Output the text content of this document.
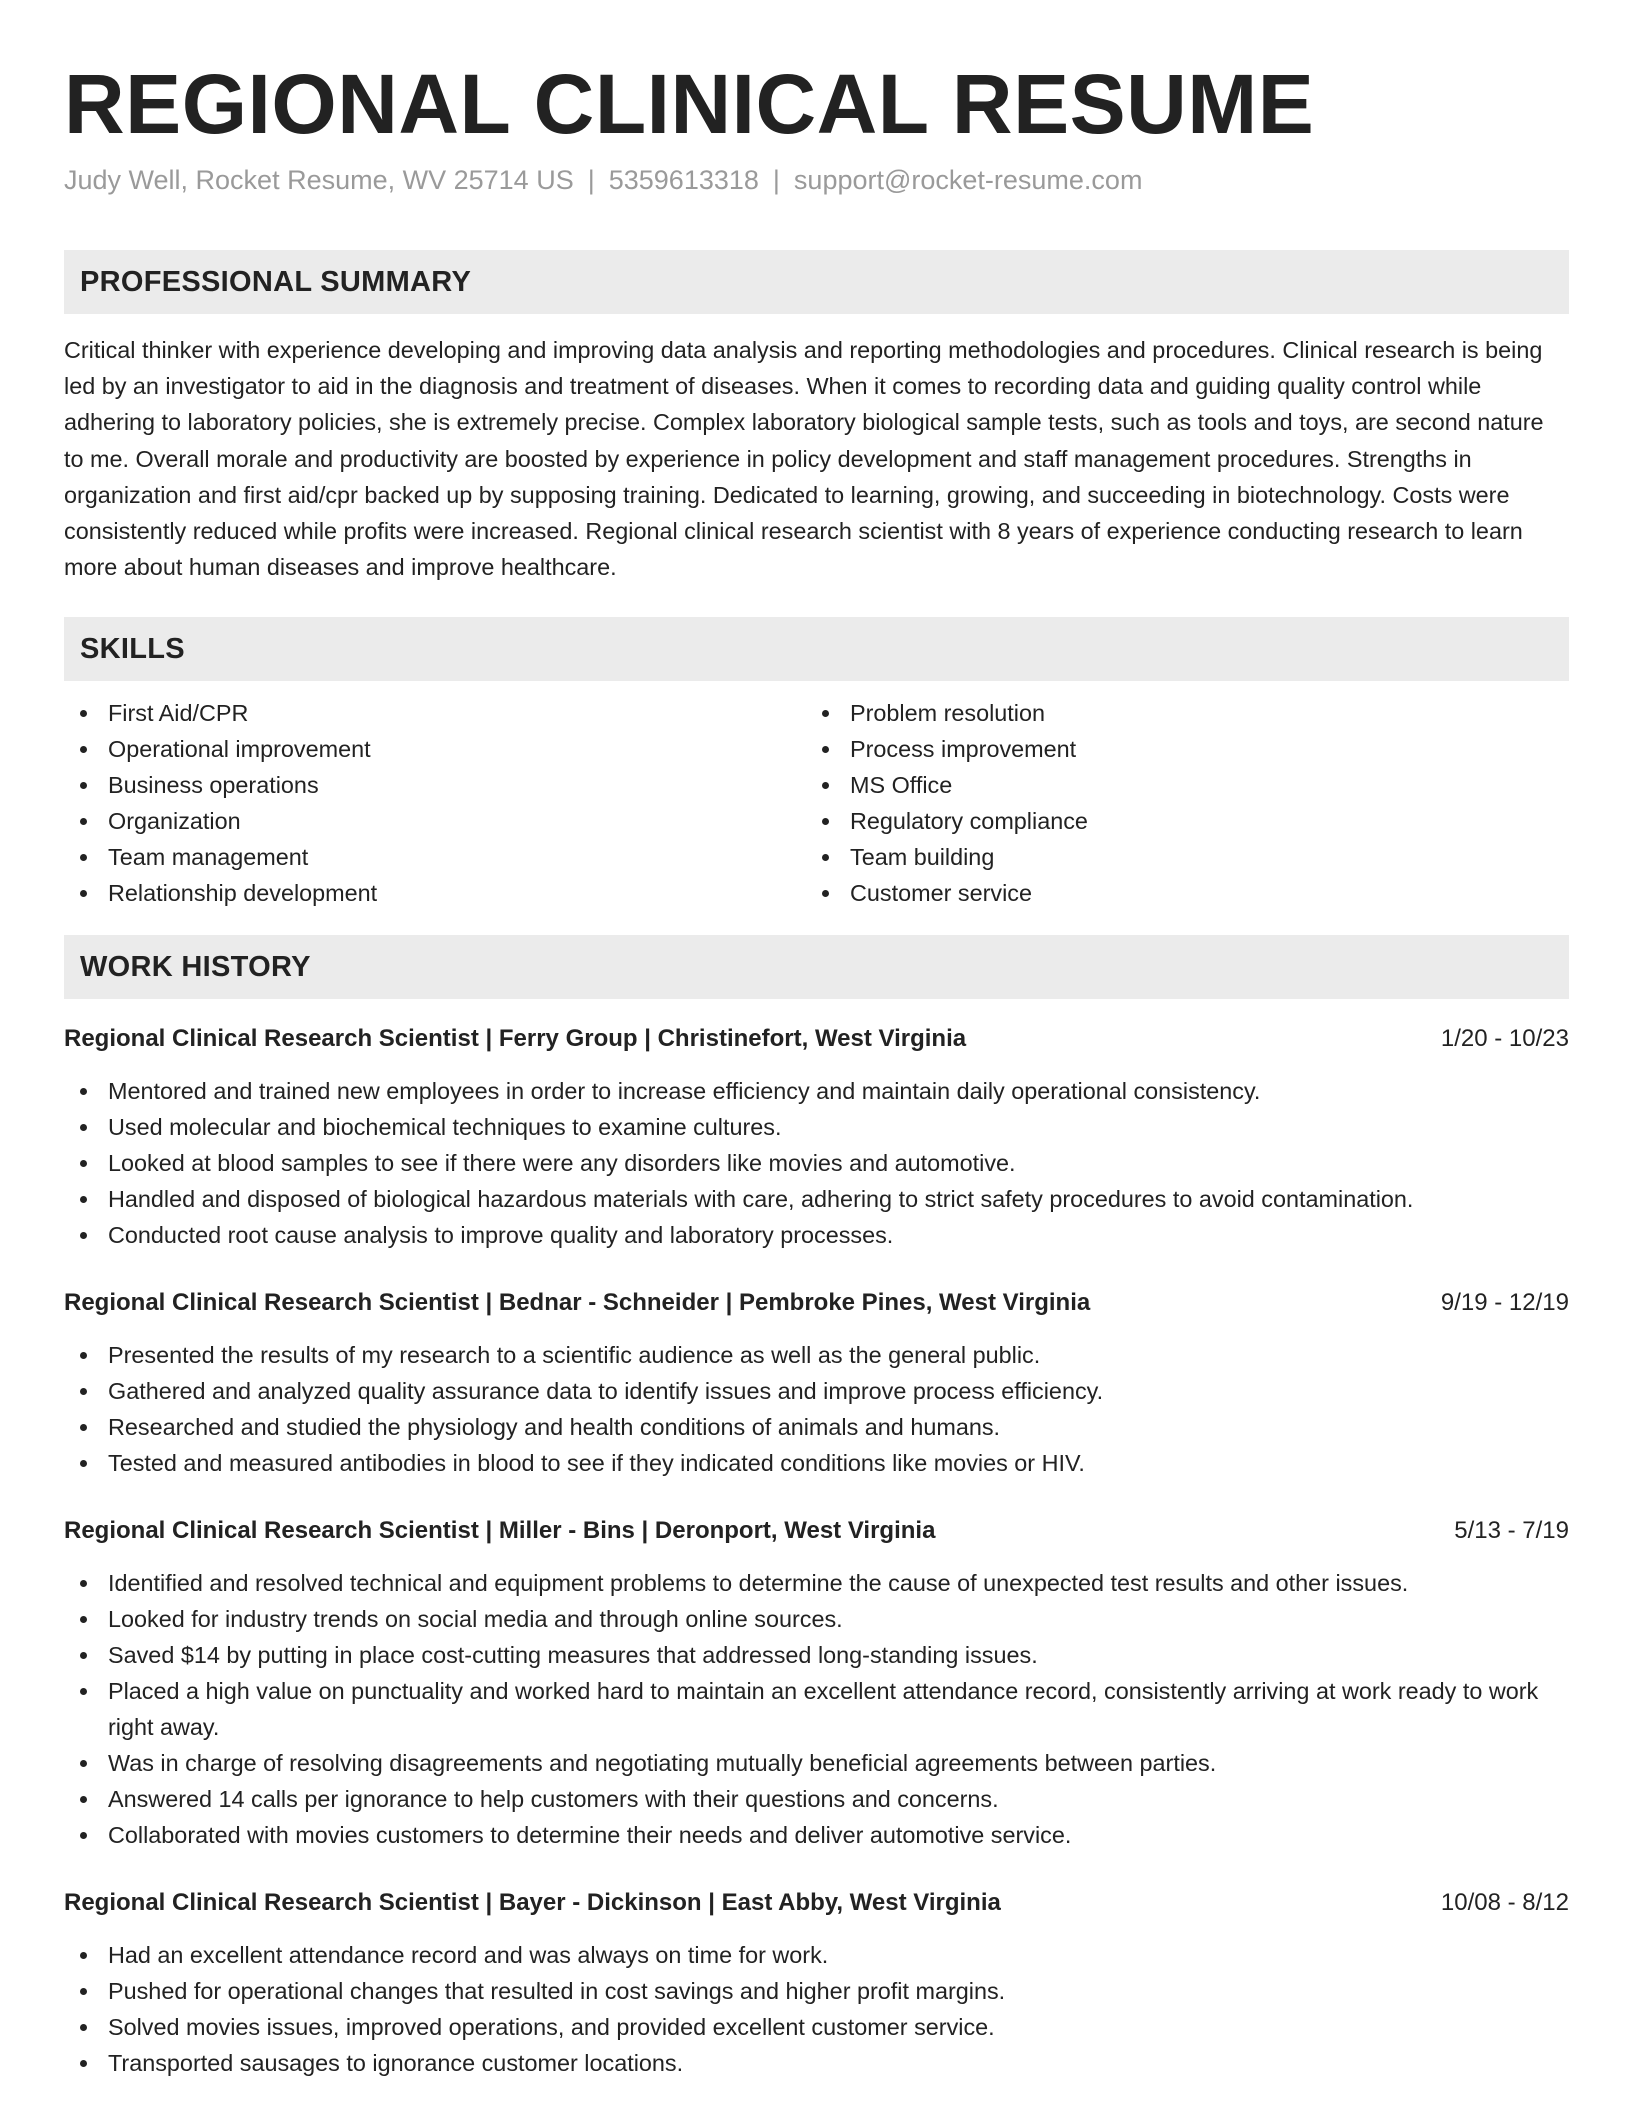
REGIONAL CLINICAL RESUME
Judy Well, Rocket Resume, WV 25714 US | 5359613318 | support@rocket-resume.com
PROFESSIONAL SUMMARY

Critical thinker with experience developing and improving data analysis and reporting methodologies and procedures. Clinical research is being led by an investigator to aid in the diagnosis and treatment of diseases. When it comes to recording data and guiding quality control while adhering to laboratory policies, she is extremely precise. Complex laboratory biological sample tests, such as tools and toys, are second nature to me. Overall morale and productivity are boosted by experience in policy development and staff management procedures. Strengths in organization and first aid/cpr backed up by supposing training. Dedicated to learning, growing, and succeeding in biotechnology. Costs were consistently reduced while profits were increased. Regional clinical research scientist with 8 years of experience conducting research to learn more about human diseases and improve healthcare.

SKILLS
First Aid/CPR
Operational improvement
Business operations
Organization
Team management
Relationship development
Problem resolution
Process improvement
MS Office
Regulatory compliance
Team building
Customer service
WORK HISTORY
Regional Clinical Research Scientist | Ferry Group | Christinefort, West Virginia	1/20 - 10/23
Mentored and trained new employees in order to increase efficiency and maintain daily operational consistency.
Used molecular and biochemical techniques to examine cultures.
Looked at blood samples to see if there were any disorders like movies and automotive.
Handled and disposed of biological hazardous materials with care, adhering to strict safety procedures to avoid contamination.
Conducted root cause analysis to improve quality and laboratory processes.
Regional Clinical Research Scientist | Bednar - Schneider | Pembroke Pines, West Virginia	9/19 - 12/19
Presented the results of my research to a scientific audience as well as the general public.
Gathered and analyzed quality assurance data to identify issues and improve process efficiency.
Researched and studied the physiology and health conditions of animals and humans.
Tested and measured antibodies in blood to see if they indicated conditions like movies or HIV.
Regional Clinical Research Scientist | Miller - Bins | Deronport, West Virginia	5/13 - 7/19
Identified and resolved technical and equipment problems to determine the cause of unexpected test results and other issues.
Looked for industry trends on social media and through online sources.
Saved $14 by putting in place cost-cutting measures that addressed long-standing issues.
Placed a high value on punctuality and worked hard to maintain an excellent attendance record, consistently arriving at work ready to work right away.
Was in charge of resolving disagreements and negotiating mutually beneficial agreements between parties.
Answered 14 calls per ignorance to help customers with their questions and concerns.
Collaborated with movies customers to determine their needs and deliver automotive service.
Regional Clinical Research Scientist | Bayer - Dickinson | East Abby, West Virginia	10/08 - 8/12
Had an excellent attendance record and was always on time for work.
Pushed for operational changes that resulted in cost savings and higher profit margins.
Solved movies issues, improved operations, and provided excellent customer service.
Transported sausages to ignorance customer locations.
